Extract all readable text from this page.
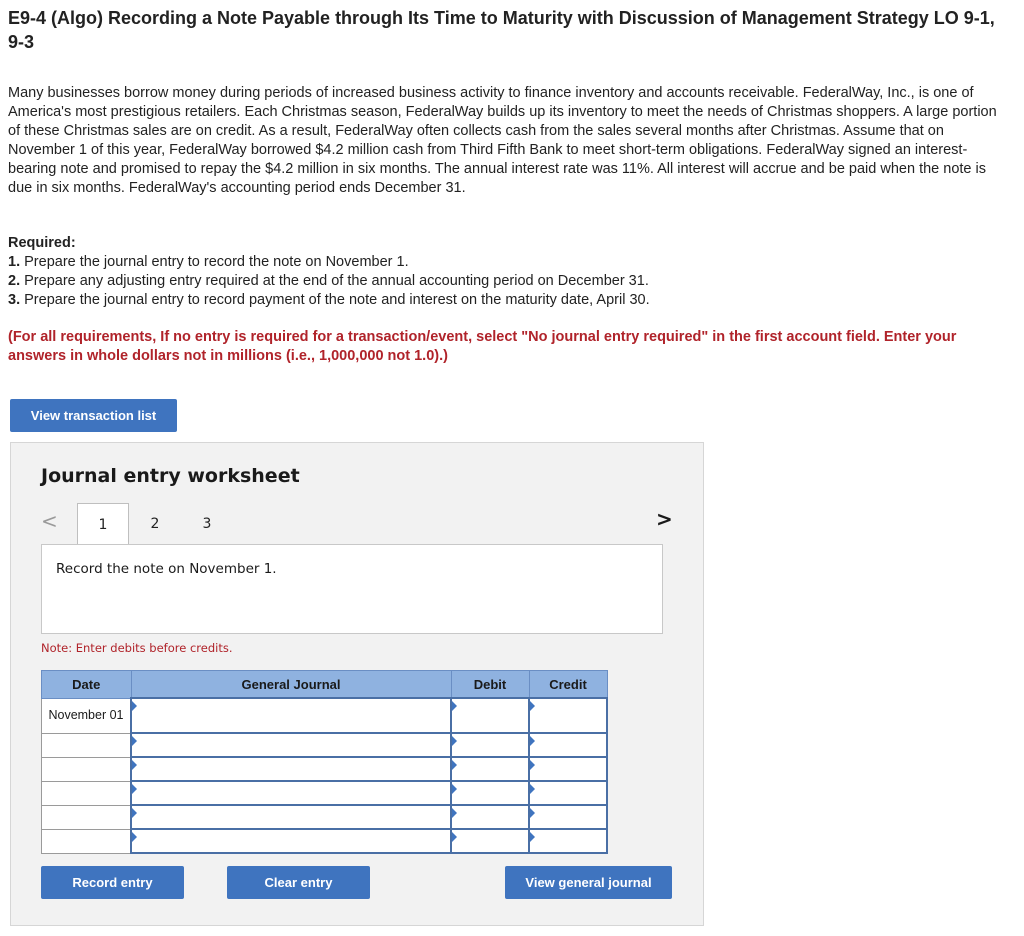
E9-4 (Algo) Recording a Note Payable through Its Time to Maturity with Discussion of Management Strategy LO 9-1, 9-3
Many businesses borrow money during periods of increased business activity to finance inventory and accounts receivable. FederalWay, Inc., is one of America's most prestigious retailers. Each Christmas season, FederalWay builds up its inventory to meet the needs of Christmas shoppers. A large portion of these Christmas sales are on credit. As a result, FederalWay often collects cash from the sales several months after Christmas. Assume that on November 1 of this year, FederalWay borrowed $4.2 million cash from Third Fifth Bank to meet short-term obligations. FederalWay signed an interest-bearing note and promised to repay the $4.2 million in six months. The annual interest rate was 11%. All interest will accrue and be paid when the note is due in six months. FederalWay's accounting period ends December 31.
Required:
1. Prepare the journal entry to record the note on November 1.
2. Prepare any adjusting entry required at the end of the annual accounting period on December 31.
3. Prepare the journal entry to record payment of the note and interest on the maturity date, April 30.
(For all requirements, If no entry is required for a transaction/event, select "No journal entry required" in the first account field. Enter your answers in whole dollars not in millions (i.e., 1,000,000 not 1.0).)
View transaction list
Journal entry worksheet
<	1	2	3	>
Record the note on November 1.
Note: Enter debits before credits.
Date	General Journal	Debit	Credit
November 01	

Record entry	Clear entry	View general journal
